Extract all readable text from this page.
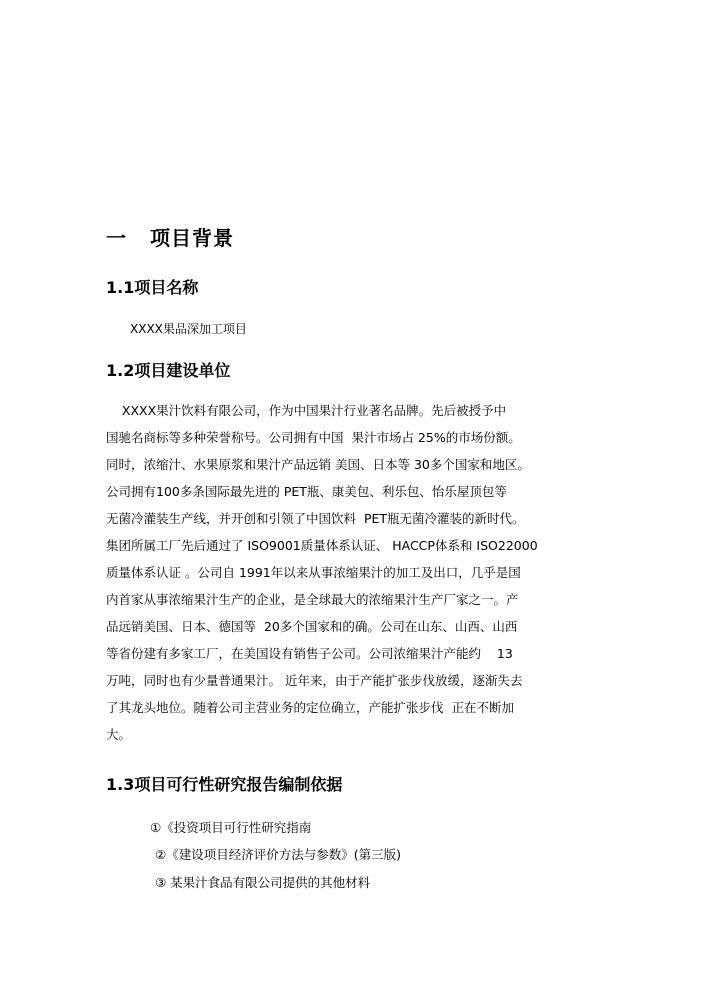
一 项目背景
1.1项目名称
XXXX果品深加工项目
1.2项目建设单位
XXXX果汁饮料有限公司，作为中国果汁行业著名品牌。先后被授予中
国驰名商标等多种荣誉称号。公司拥有中国  果汁市场占 25%的市场份额。
同时，浓缩汁、水果原浆和果汁产品远销 美国、日本等 30多个国家和地区。
公司拥有100多条国际最先进的 PET瓶、康美包、利乐包、怡乐屋顶包等
无菌冷灌装生产线，并开创和引领了中国饮料  PET瓶无菌冷灌装的新时代。
集团所属工厂先后通过了 ISO9001质量体系认证、 HACCP体系和 ISO22000
质量体系认证 。公司自 1991年以来从事浓缩果汁的加工及出口，几乎是国
内首家从事浓缩果汁生产的企业，是全球最大的浓缩果汁生产厂家之一。产
品远销美国、日本、德国等  20多个国家和的确。公司在山东、山西、山西
等省份建有多家工厂，在美国设有销售子公司。公司浓缩果汁产能约    13
万吨，同时也有少量普通果汁。 近年来，由于产能扩张步伐放缓，逐渐失去
了其龙头地位。随着公司主营业务的定位确立，产能扩张步伐  正在不断加
大。
1.3项目可行性研究报告编制依据
①《投资项目可行性研究指南
②《建设项目经济评价方法与参数》(第三版)
③ 某果汁食品有限公司提供的其他材料
